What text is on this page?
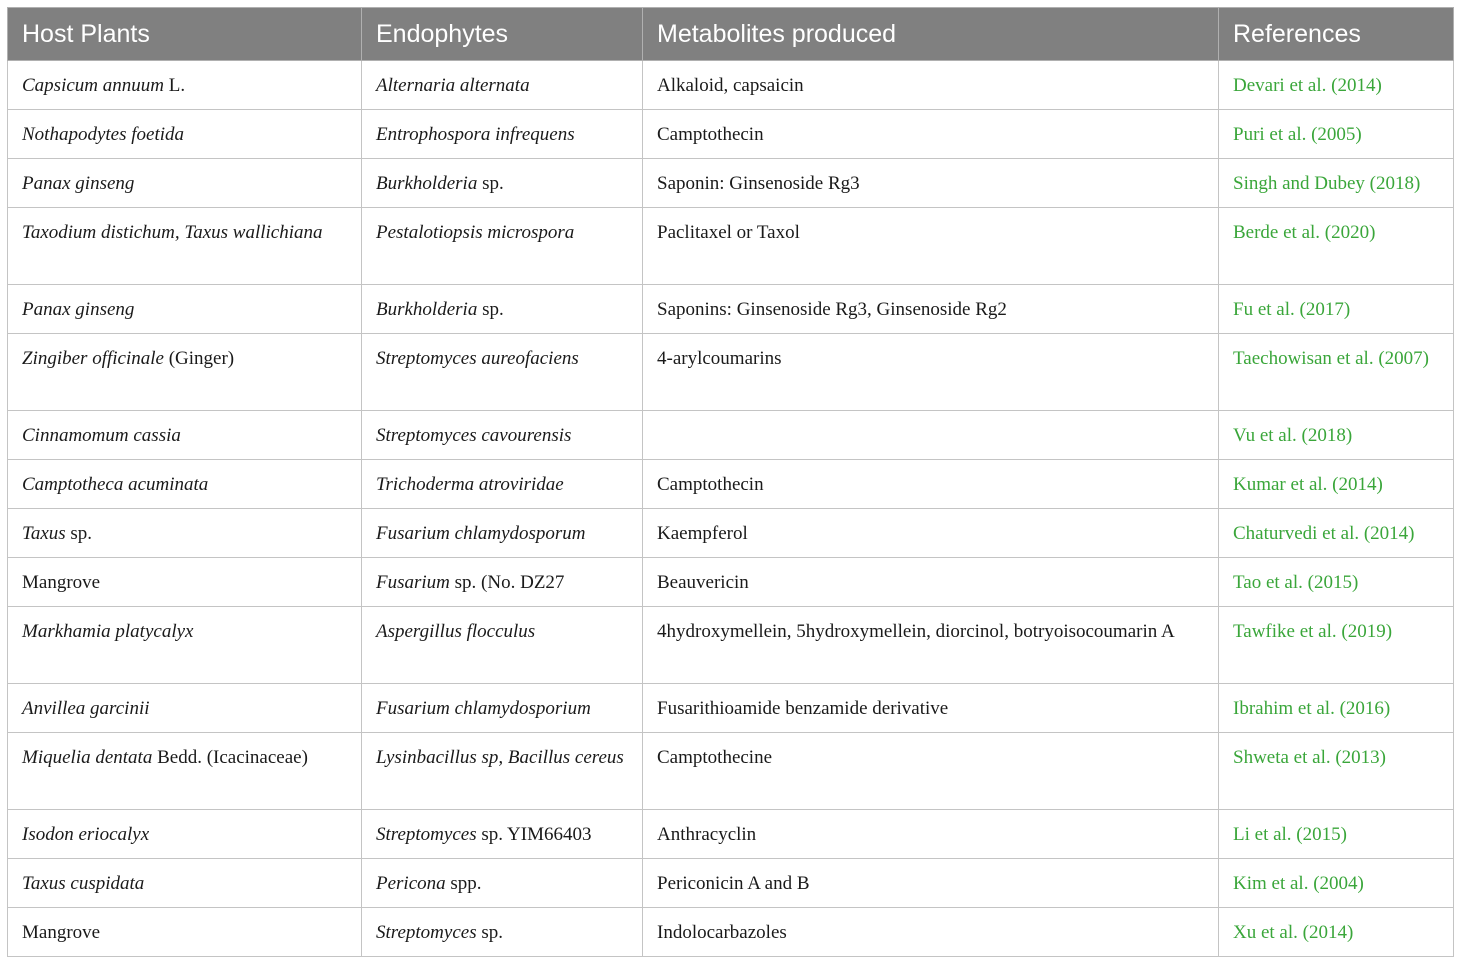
Host Plants	Endophytes	Metabolites produced	References
Capsicum annuum L.	Alternaria alternata	Alkaloid, capsaicin	Devari et al. (2014)
Nothapodytes foetida	Entrophospora infrequens	Camptothecin	Puri et al. (2005)
Panax ginseng	Burkholderia sp.	Saponin: Ginsenoside Rg3	Singh and Dubey (2018)
Taxodium distichum, Taxus wallichiana	Pestalotiopsis microspora	Paclitaxel or Taxol	Berde et al. (2020)
Panax ginseng	Burkholderia sp.	Saponins: Ginsenoside Rg3, Ginsenoside Rg2	Fu et al. (2017)
Zingiber officinale (Ginger)	Streptomyces aureofaciens	4-arylcoumarins	Taechowisan et al. (2007)
Cinnamomum cassia	Streptomyces cavourensis		Vu et al. (2018)
Camptotheca acuminata	Trichoderma atroviridae	Camptothecin	Kumar et al. (2014)
Taxus sp.	Fusarium chlamydosporum	Kaempferol	Chaturvedi et al. (2014)
Mangrove	Fusarium sp. (No. DZ27	Beauvericin	Tao et al. (2015)
Markhamia platycalyx	Aspergillus flocculus	4hydroxymellein, 5hydroxymellein, diorcinol, botryoisocoumarin A	Tawfike et al. (2019)
Anvillea garcinii	Fusarium chlamydosporium	Fusarithioamide benzamide derivative	Ibrahim et al. (2016)
Miquelia dentata Bedd. (Icacinaceae)	Lysinbacillus sp, Bacillus cereus	Camptothecine	Shweta et al. (2013)
Isodon eriocalyx	Streptomyces sp. YIM66403	Anthracyclin	Li et al. (2015)
Taxus cuspidata	Pericona spp.	Periconicin A and B	Kim et al. (2004)
Mangrove	Streptomyces sp.	Indolocarbazoles	Xu et al. (2014)
